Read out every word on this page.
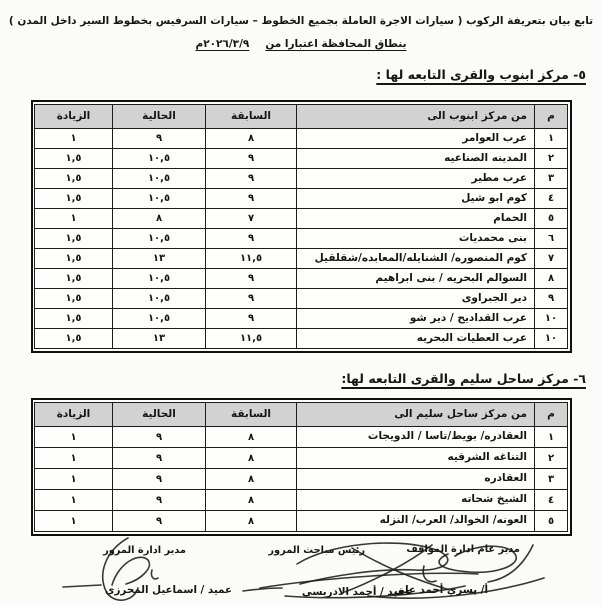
تابع بيان بتعريفة الركوب ( سيارات الاجرة العاملة بجميع الخطوط – سيارات السرفيس بخطوط السير داخل المدن )
بنطاق المحافظة اعتبارا من٢٠٢٦/٣/٩م
٥- مركز ابنوب والقرى التابعه لها :
م	من مركز ابنوب الى	السابقة	الحالية	الزيادة
١	عرب العوامر	٨	٩	١
٢	المدينه الصناعيه	٩	١٠,٥	١,٥
٣	عرب مطير	٩	١٠,٥	١,٥
٤	كوم ابو شيل	٩	١٠,٥	١,٥
٥	الحمام	٧	٨	١
٦	بنى محمديات	٩	١٠,٥	١,٥
٧	كوم المنصوره/ الشنايله/المعابده/شقلقيل	١١,٥	١٣	١,٥
٨	السوالم البحريه / بنى ابراهيم	٩	١٠,٥	١,٥
٩	دير الجبراوى	٩	١٠,٥	١,٥
١٠	عرب القداديح / دير شو	٩	١٠,٥	١,٥
١٠	عرب العطيات البحريه	١١,٥	١٣	١,٥
٦- مركز ساحل سليم والقرى التابعه لها:
م	من مركز ساحل سليم الى	السابقة	الحالية	الزيادة
١	العقادره/ بويط/تاسا / الدويجات	٨	٩	١
٢	التناغه الشرقيه	٨	٩	١
٣	العقادره	٨	٩	١
٤	الشيخ شحاته	٨	٩	١
٥	العونه/ الخوالد/ العرب/ النزله	٨	٩	١
مدير عام ادارة المواقف
رئيس مباحث المرور
مدير ادارة المرور
أ/ يسري أحمد علي
عقيد / أحمد الادريسي
عميد / اسماعيل المحرزي
